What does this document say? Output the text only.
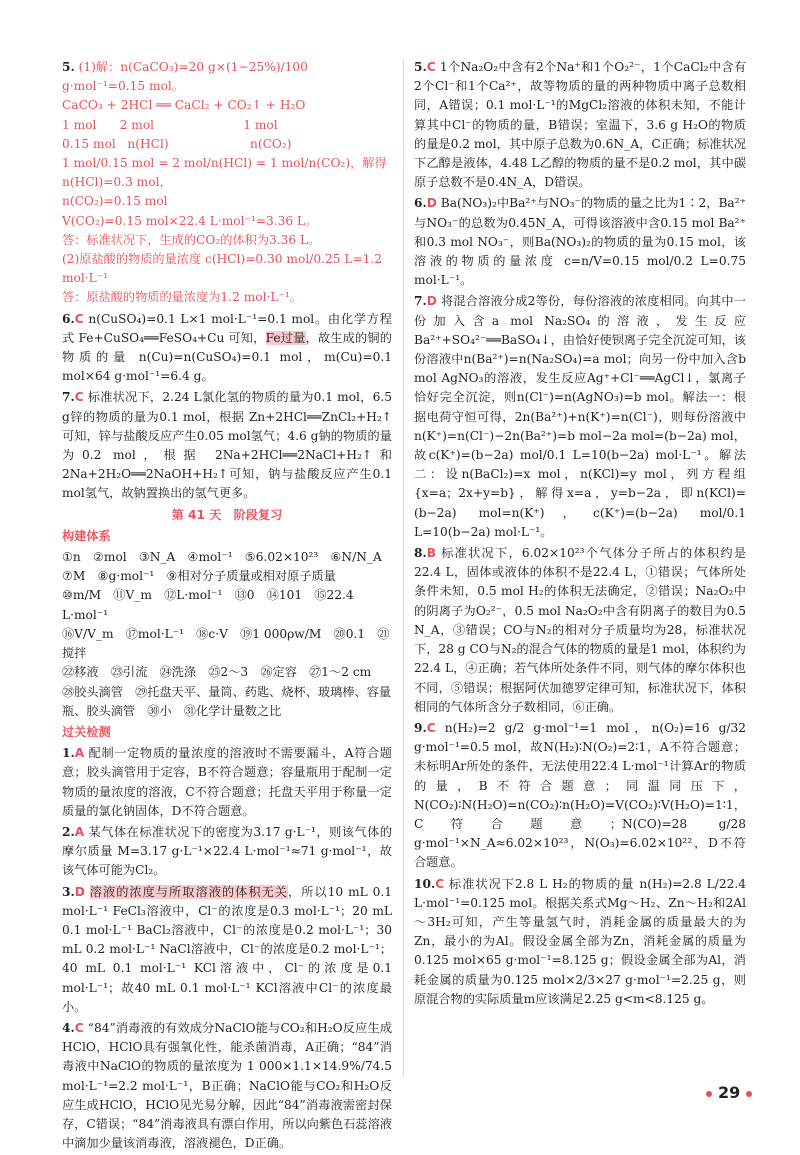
5. (1)解：n(CaCO₃)=20 g×(1−25%)/100 g·mol⁻¹=0.15 mol。
CaCO₃ + 2HCl ══ CaCl₂ + CO₂↑ + H₂O
1 mol      2 mol                       1 mol
0.15 mol   n(HCl)                     n(CO₂)
1 mol/0.15 mol = 2 mol/n(HCl) = 1 mol/n(CO₂)，解得 n(HCl)=0.3 mol，
n(CO₂)=0.15 mol
V(CO₂)=0.15 mol×22.4 L·mol⁻¹=3.36 L。
答：标准状况下，生成的CO₂的体积为3.36 L。
(2)原盐酸的物质的量浓度 c(HCl)=0.30 mol/0.25 L=1.2 mol·L⁻¹
答：原盐酸的物质的量浓度为1.2 mol·L⁻¹。

6.C n(CuSO₄)=0.1 L×1 mol·L⁻¹=0.1 mol。由化学方程式 Fe+CuSO₄══FeSO₄+Cu 可知，Fe过量，故生成的铜的物质的量 n(Cu)=n(CuSO₄)=0.1 mol，m(Cu)=0.1 mol×64 g·mol⁻¹=6.4 g。

7.C 标准状况下，2.24 L氯化氢的物质的量为0.1 mol，6.5 g锌的物质的量为0.1 mol，根据 Zn+2HCl══ZnCl₂+H₂↑可知，锌与盐酸反应产生0.05 mol氢气；4.6 g钠的物质的量为0.2 mol，根据 2Na+2HCl══2NaCl+H₂↑和 2Na+2H₂O══2NaOH+H₂↑可知，钠与盐酸反应产生0.1 mol氢气，故钠置换出的氢气更多。

第 41 天　阶段复习
构建体系
①n　②mol　③N_A　④mol⁻¹　⑤6.02×10²³　⑥N/N_A
⑦M　⑧g·mol⁻¹　⑨相对分子质量或相对原子质量
⑩m/M　⑪V_m　⑫L·mol⁻¹　⑬0　⑭101　⑮22.4 L·mol⁻¹
⑯V/V_m　⑰mol·L⁻¹　⑱c·V　⑲1 000ρw/M　⑳0.1　㉑搅拌
㉒移液　㉓引流　㉔洗涤　㉕2～3　㉖定容　㉗1～2 cm
㉘胶头滴管　㉙托盘天平、量筒、药匙、烧杯、玻璃棒、容量瓶、胶头滴管　㉚小　㉛化学计量数之比
过关检测

1.A 配制一定物质的量浓度的溶液时不需要漏斗，A符合题意；胶头滴管用于定容，B不符合题意；容量瓶用于配制一定物质的量浓度的溶液，C不符合题意；托盘天平用于称量一定质量的氯化钠固体，D不符合题意。

2.A 某气体在标准状况下的密度为3.17 g·L⁻¹，则该气体的摩尔质量 M=3.17 g·L⁻¹×22.4 L·mol⁻¹≈71 g·mol⁻¹，故该气体可能为Cl₂。

3.D 溶液的浓度与所取溶液的体积无关，所以10 mL 0.1 mol·L⁻¹ FeCl₃溶液中，Cl⁻的浓度是0.3 mol·L⁻¹；20 mL 0.1 mol·L⁻¹ BaCl₂溶液中，Cl⁻的浓度是0.2 mol·L⁻¹；30 mL 0.2 mol·L⁻¹ NaCl溶液中，Cl⁻的浓度是0.2 mol·L⁻¹；40 mL 0.1 mol·L⁻¹ KCl溶液中，Cl⁻的浓度是0.1 mol·L⁻¹；故40 mL 0.1 mol·L⁻¹ KCl溶液中Cl⁻的浓度最小。

4.C “84”消毒液的有效成分NaClO能与CO₂和H₂O反应生成HClO，HClO具有强氧化性，能杀菌消毒，A正确；“84”消毒液中NaClO的物质的量浓度为 1 000×1.1×14.9%/74.5 mol·L⁻¹=2.2 mol·L⁻¹，B正确；NaClO能与CO₂和H₂O反应生成HClO，HClO见光易分解，因此“84”消毒液需密封保存，C错误；“84”消毒液具有漂白作用，所以向紫色石蕊溶液中滴加少量该消毒液，溶液褪色，D正确。

5.C 1个Na₂O₂中含有2个Na⁺和1个O₂²⁻，1个CaCl₂中含有2个Cl⁻和1个Ca²⁺，故等物质的量的两种物质中离子总数相同，A错误；0.1 mol·L⁻¹的MgCl₂溶液的体积未知，不能计算其中Cl⁻的物质的量，B错误；室温下，3.6 g H₂O的物质的量是0.2 mol，其中原子总数为0.6N_A，C正确；标准状况下乙醇是液体，4.48 L乙醇的物质的量不是0.2 mol，其中碳原子总数不是0.4N_A，D错误。

6.D Ba(NO₃)₂中Ba²⁺与NO₃⁻的物质的量之比为1∶2，Ba²⁺与NO₃⁻的总数为0.45N_A，可得该溶液中含0.15 mol Ba²⁺和0.3 mol NO₃⁻，则Ba(NO₃)₂的物质的量为0.15 mol，该溶液的物质的量浓度 c=n/V=0.15 mol/0.2 L=0.75 mol·L⁻¹。

7.D 将混合溶液分成2等份，每份溶液的浓度相同。向其中一份加入含a mol Na₂SO₄的溶液，发生反应Ba²⁺+SO₄²⁻══BaSO₄↓，由恰好使钡离子完全沉淀可知，该份溶液中n(Ba²⁺)=n(Na₂SO₄)=a mol；向另一份中加入含b mol AgNO₃的溶液，发生反应Ag⁺+Cl⁻══AgCl↓，氯离子恰好完全沉淀，则n(Cl⁻)=n(AgNO₃)=b mol。解法一：根据电荷守恒可得，2n(Ba²⁺)+n(K⁺)=n(Cl⁻)，则每份溶液中n(K⁺)=n(Cl⁻)−2n(Ba²⁺)=b mol−2a mol=(b−2a) mol，故c(K⁺)=(b−2a) mol/0.1 L=10(b−2a) mol·L⁻¹。解法二：设n(BaCl₂)=x mol，n(KCl)=y mol，列方程组{x=a；2x+y=b}，解得x=a，y=b−2a，即n(KCl)=(b−2a) mol=n(K⁺)，c(K⁺)=(b−2a) mol/0.1 L=10(b−2a) mol·L⁻¹。

8.B 标准状况下，6.02×10²³个气体分子所占的体积约是22.4 L，固体或液体的体积不是22.4 L，①错误；气体所处条件未知，0.5 mol H₂的体积无法确定，②错误；Na₂O₂中的阴离子为O₂²⁻，0.5 mol Na₂O₂中含有阴离子的数目为0.5 N_A，③错误；CO与N₂的相对分子质量均为28，标准状况下，28 g CO与N₂的混合气体的物质的量是1 mol，体积约为22.4 L，④正确；若气体所处条件不同，则气体的摩尔体积也不同，⑤错误；根据阿伏加德罗定律可知，标准状况下，体积相同的气体所含分子数相同，⑥正确。

9.C n(H₂)=2 g/2 g·mol⁻¹=1 mol，n(O₂)=16 g/32 g·mol⁻¹=0.5 mol，故N(H₂)∶N(O₂)=2∶1，A不符合题意；未标明Ar所处的条件，无法使用22.4 L·mol⁻¹计算Ar的物质的量，B不符合题意；同温同压下，N(CO₂)∶N(H₂O)=n(CO₂)∶n(H₂O)=V(CO₂)∶V(H₂O)=1∶1，C符合题意；N(CO)=28 g/28 g·mol⁻¹×N_A≈6.02×10²³，N(O₃)=6.02×10²²，D不符合题意。

10.C 标准状况下2.8 L H₂的物质的量 n(H₂)=2.8 L/22.4 L·mol⁻¹=0.125 mol。根据关系式Mg～H₂、Zn～H₂和2Al～3H₂可知，产生等量氢气时，消耗金属的质量最大的为Zn，最小的为Al。假设金属全部为Zn，消耗金属的质量为0.125 mol×65 g·mol⁻¹=8.125 g；假设金属全部为Al，消耗金属的质量为0.125 mol×2/3×27 g·mol⁻¹=2.25 g，则原混合物的实际质量m应该满足2.25 g<m<8.125 g。

29
